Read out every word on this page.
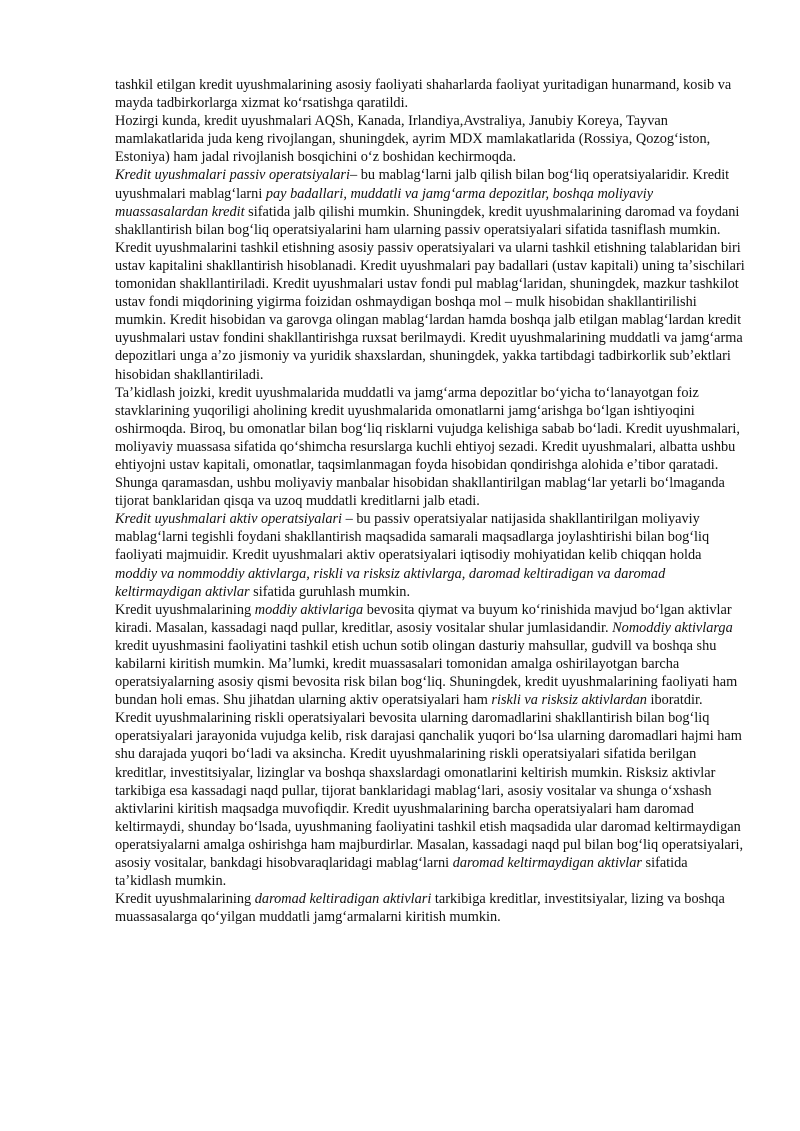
tashkil etilgan kredit uyushmalarining asosiy faoliyati shaharlarda faoliyat yuritadigan hunarmand, kosib va mayda tadbirkorlarga xizmat koʻrsatishga qaratildi.

Hozirgi kunda, kredit uyushmalari AQSh, Kanada, Irlandiya,Avstraliya, Janubiy Koreya, Tayvan mamlakatlarida juda keng rivojlangan, shuningdek, ayrim MDX mamlakatlarida (Rossiya, Qozogʻiston, Estoniya) ham jadal rivojlanish bosqichini oʻz boshidan kechirmoqda.

Kredit uyushmalari passiv operatsiyalari– bu mablagʻlarni jalb qilish bilan bogʻliq operatsiyalaridir. Kredit uyushmalari mablagʻlarni pay badallari, muddatli va jamgʻarma depozitlar, boshqa moliyaviy muassasalardan kredit sifatida jalb qilishi mumkin. Shuningdek, kredit uyushmalarining daromad va foydani shakllantirish bilan bogʻliq operatsiyalarini ham ularning passiv operatsiyalari sifatida tasniflash mumkin. Kredit uyushmalarini tashkil etishning asosiy passiv operatsiyalari va ularni tashkil etishning talablaridan biri ustav kapitalini shakllantirish hisoblanadi. Kredit uyushmalari pay badallari (ustav kapitali) uning taʼsischilari tomonidan shakllantiriladi. Kredit uyushmalari ustav fondi pul mablagʻlaridan, shuningdek, mazkur tashkilot ustav fondi miqdorining yigirma foizidan oshmaydigan boshqa mol – mulk hisobidan shakllantirilishi mumkin. Kredit hisobidan va garovga olingan mablagʻlardan hamda boshqa jalb etilgan mablagʻlardan kredit uyushmalari ustav fondini shakllantirishga ruxsat berilmaydi. Kredit uyushmalarining muddatli va jamgʻarma depozitlari unga aʼzo jismoniy va yuridik shaxslardan, shuningdek, yakka tartibdagi tadbirkorlik subʼektlari hisobidan shakllantiriladi.

Taʼkidlash joizki, kredit uyushmalarida muddatli va jamgʻarma depozitlar boʻyicha toʻlanayotgan foiz stavklarining yuqoriligi aholining kredit uyushmalarida omonatlarni jamgʻarishga boʻlgan ishtiyoqini oshirmoqda. Biroq, bu omonatlar bilan bogʻliq risklarni vujudga kelishiga sabab boʻladi. Kredit uyushmalari, moliyaviy muassasa sifatida qoʻshimcha resurslarga kuchli ehtiyoj sezadi. Kredit uyushmalari, albatta ushbu ehtiyojni ustav kapitali, omonatlar, taqsimlanmagan foyda hisobidan qondirishga alohida eʼtibor qaratadi. Shunga qaramasdan, ushbu moliyaviy manbalar hisobidan shakllantirilgan mablagʻlar yetarli boʻlmaganda tijorat banklaridan qisqa va uzoq muddatli kreditlarni jalb etadi.

Kredit uyushmalari aktiv operatsiyalari – bu passiv operatsiyalar natijasida shakllantirilgan moliyaviy mablagʻlarni tegishli foydani shakllantirish maqsadida samarali maqsadlarga joylashtirishi bilan bogʻliq faoliyati majmuidir. Kredit uyushmalari aktiv operatsiyalari iqtisodiy mohiyatidan kelib chiqqan holda moddiy va nommoddiy aktivlarga, riskli va risksiz aktivlarga, daromad keltiradigan va daromad keltirmaydigan aktivlar sifatida guruhlash mumkin.

Kredit uyushmalarining moddiy aktivlariga bevosita qiymat va buyum koʻrinishida mavjud boʻlgan aktivlar kiradi. Masalan, kassadagi naqd pullar, kreditlar, asosiy vositalar shular jumlasidandir. Nomoddiy aktivlarga kredit uyushmasini faoliyatini tashkil etish uchun sotib olingan dasturiy mahsullar, gudvill va boshqa shu kabilarni kiritish mumkin. Maʼlumki, kredit muassasalari tomonidan amalga oshirilayotgan barcha operatsiyalarning asosiy qismi bevosita risk bilan bogʻliq. Shuningdek, kredit uyushmalarining faoliyati ham bundan holi emas. Shu jihatdan ularning aktiv operatsiyalari ham riskli va risksiz aktivlardan iboratdir.

Kredit uyushmalarining riskli operatsiyalari bevosita ularning daromadlarini shakllantirish bilan bogʻliq operatsiyalari jarayonida vujudga kelib, risk darajasi qanchalik yuqori boʻlsa ularning daromadlari hajmi ham shu darajada yuqori boʻladi va aksincha. Kredit uyushmalarining riskli operatsiyalari sifatida berilgan kreditlar, investitsiyalar, lizinglar va boshqa shaxslardagi omonatlarini keltirish mumkin. Risksiz aktivlar tarkibiga esa kassadagi naqd pullar, tijorat banklaridagi mablagʻlari, asosiy vositalar va shunga oʻxshash aktivlarini kiritish maqsadga muvofiqdir. Kredit uyushmalarining barcha operatsiyalari ham daromad keltirmaydi, shunday boʻlsada, uyushmaning faoliyatini tashkil etish maqsadida ular daromad keltirmaydigan operatsiyalarni amalga oshirishga ham majburdirlar. Masalan, kassadagi naqd pul bilan bogʻliq operatsiyalari, asosiy vositalar, bankdagi hisobvaraqlaridagi mablagʻlarni daromad keltirmaydigan aktivlar sifatida taʼkidlash mumkin.

Kredit uyushmalarining daromad keltiradigan aktivlari tarkibiga kreditlar, investitsiyalar, lizing va boshqa muassasalarga qoʻyilgan muddatli jamgʻarmalarni kiritish mumkin.
